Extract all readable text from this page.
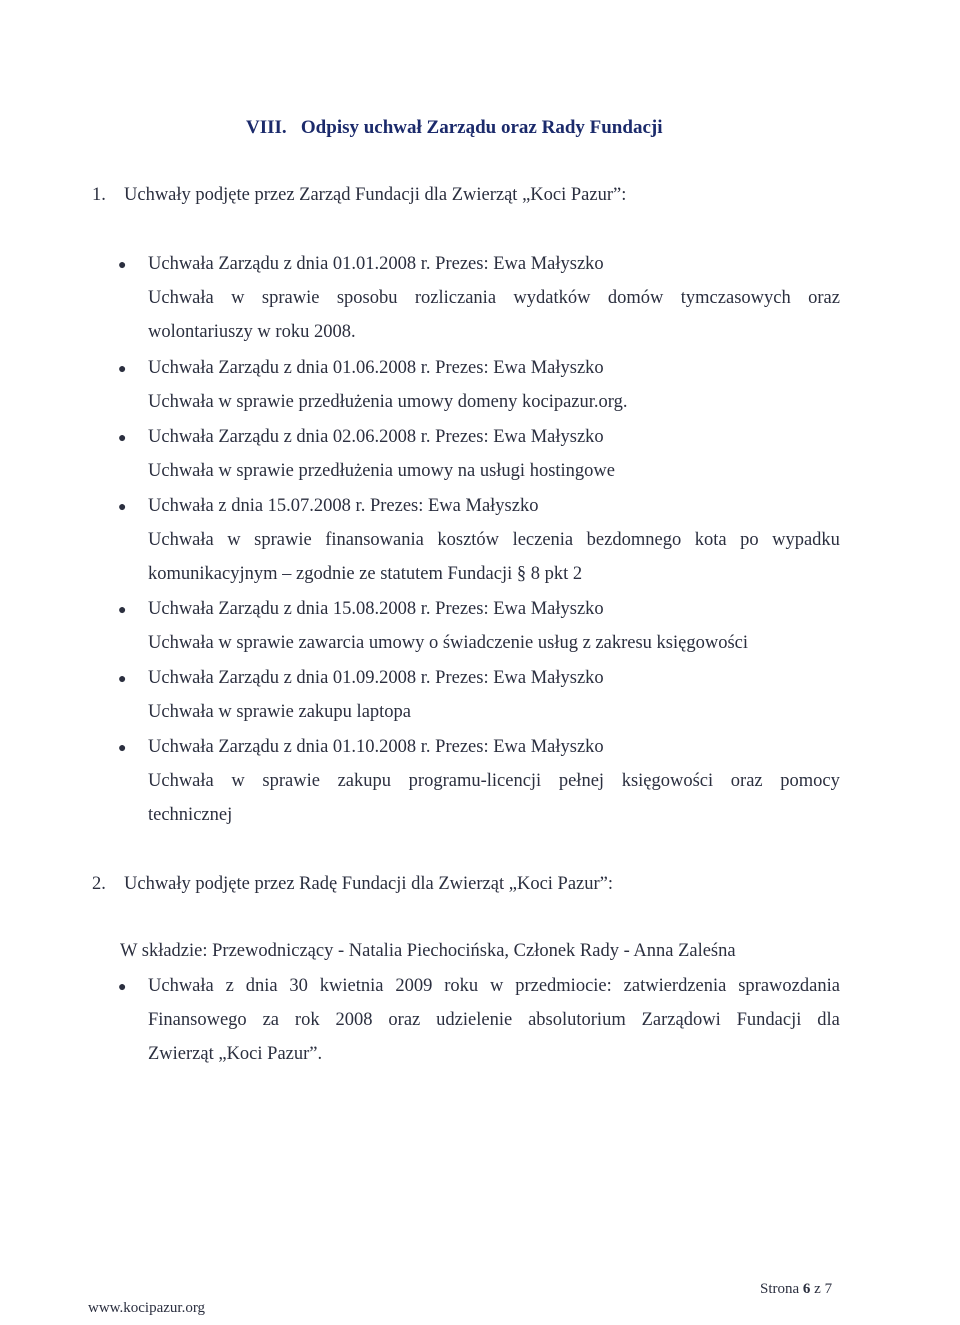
VIII. Odpisy uchwał Zarządu oraz Rady Fundacji
1. Uchwały podjęte przez Zarząd Fundacji dla Zwierząt „Koci Pazur”:
● Uchwała Zarządu z dnia 01.01.2008 r. Prezes: Ewa Małyszko
Uchwała w sprawie sposobu rozliczania wydatków domów tymczasowych oraz
wolontariuszy w roku 2008.
● Uchwała Zarządu z dnia 01.06.2008 r. Prezes: Ewa Małyszko
Uchwała w sprawie przedłużenia umowy domeny kocipazur.org.
● Uchwała Zarządu z dnia 02.06.2008 r. Prezes: Ewa Małyszko
Uchwała w sprawie przedłużenia umowy na usługi hostingowe
● Uchwała z dnia 15.07.2008 r. Prezes: Ewa Małyszko
Uchwała w sprawie finansowania kosztów leczenia bezdomnego kota po wypadku
komunikacyjnym – zgodnie ze statutem Fundacji § 8 pkt 2
● Uchwała Zarządu z dnia 15.08.2008 r. Prezes: Ewa Małyszko
Uchwała w sprawie zawarcia umowy o świadczenie usług z zakresu księgowości
● Uchwała Zarządu z dnia 01.09.2008 r. Prezes: Ewa Małyszko
Uchwała w sprawie zakupu laptopa
● Uchwała Zarządu z dnia 01.10.2008 r. Prezes: Ewa Małyszko
Uchwała w sprawie zakupu programu-licencji pełnej księgowości oraz pomocy
technicznej
2. Uchwały podjęte przez Radę Fundacji dla Zwierząt „Koci Pazur”:
W składzie: Przewodniczący - Natalia Piechocińska, Członek Rady - Anna Zaleśna
● Uchwała z dnia 30 kwietnia 2009 roku w przedmiocie: zatwierdzenia sprawozdania
Finansowego za rok 2008 oraz udzielenie absolutorium Zarządowi Fundacji dla
Zwierząt „Koci Pazur”.
Strona 6 z 7
www.kocipazur.org
